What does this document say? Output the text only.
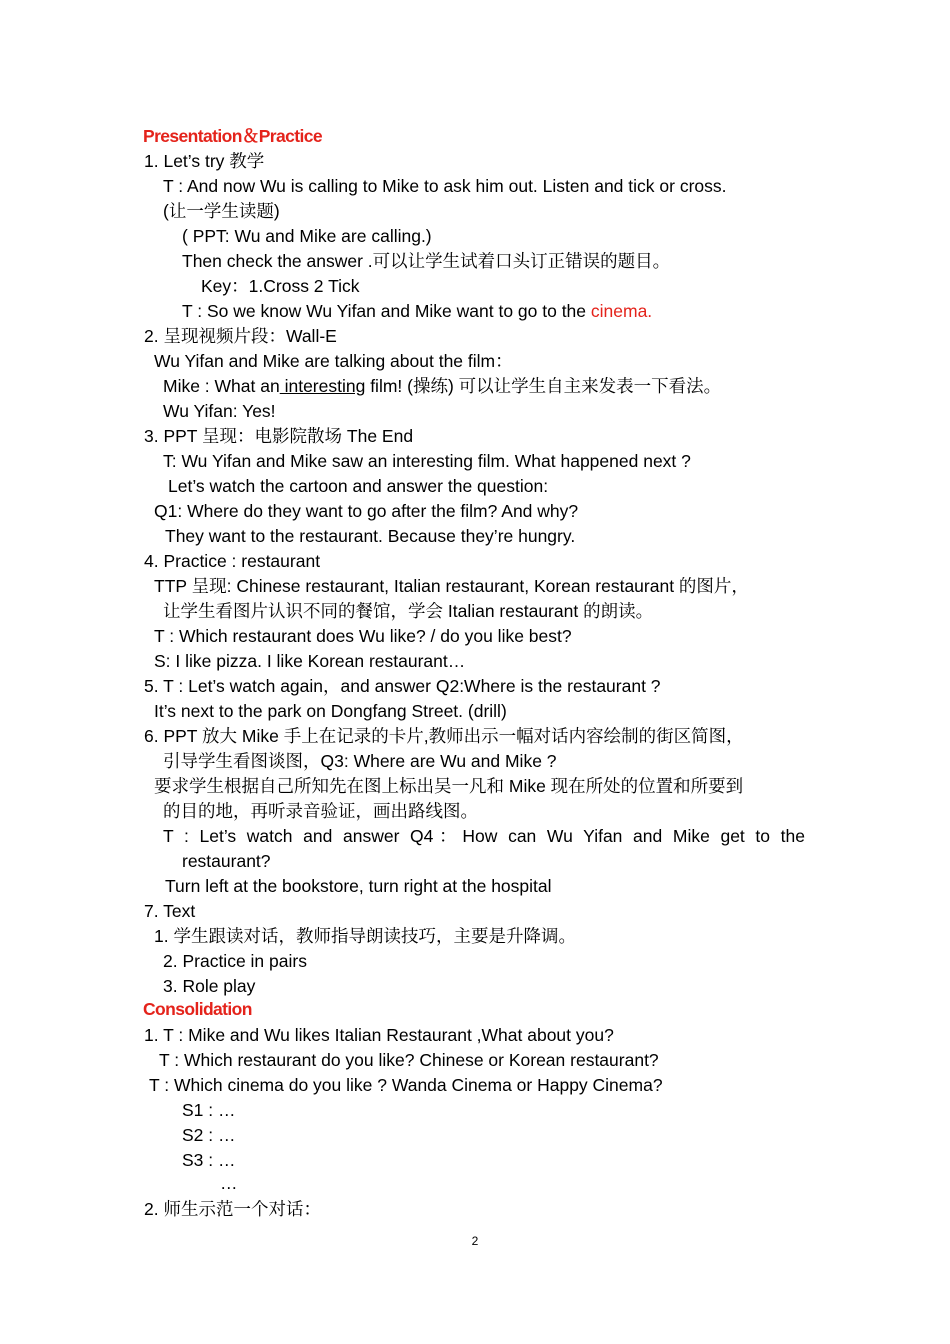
Presentation＆Practice
1. Let’s try 教学
T : And now Wu is calling to Mike to ask him out. Listen and tick or cross.
(让一学生读题)
( PPT: Wu and Mike are calling.)
Then check the answer .可以让学生试着口头订正错误的题目。
Key：1.Cross 2 Tick
T : So we know Wu Yifan and Mike want to go to the cinema.
2. 呈现视频片段：Wall-E
Wu Yifan and Mike are talking about the film：
Mike : What an interesting film! (操练) 可以让学生自主来发表一下看法。
Wu Yifan: Yes!
3. PPT 呈现：电影院散场 The End
T: Wu Yifan and Mike saw an interesting film. What happened next ?
Let’s watch the cartoon and answer the question:
Q1: Where do they want to go after the film? And why?
They want to the restaurant. Because they’re hungry.
4. Practice : restaurant
TTP 呈现: Chinese restaurant, Italian restaurant, Korean restaurant 的图片，
让学生看图片认识不同的餐馆，学会 Italian restaurant 的朗读。
T : Which restaurant does Wu like? / do you like best?
S: I like pizza. I like Korean restaurant…
5. T : Let’s watch again，and answer Q2:Where is the restaurant ?
It’s next to the park on Dongfang Street. (drill)
6. PPT 放大 Mike 手上在记录的卡片,教师出示一幅对话内容绘制的街区简图，
引导学生看图谈图，Q3: Where are Wu and Mike ?
要求学生根据自己所知先在图上标出吴一凡和 Mike 现在所处的位置和所要到
的目的地，再听录音验证，画出路线图。
T : Let’s watch and answer Q4：How can Wu Yifan and Mike get to the
restaurant?
Turn left at the bookstore, turn right at the hospital
7. Text
1. 学生跟读对话，教师指导朗读技巧，主要是升降调。
2. Practice in pairs
3. Role play
Consolidation
1. T : Mike and Wu likes Italian Restaurant ,What about you?
T : Which restaurant do you like? Chinese or Korean restaurant?
T : Which cinema do you like ? Wanda Cinema or Happy Cinema?
S1 : …
S2 : …
S3 : …
…
2. 师生示范一个对话：
2
